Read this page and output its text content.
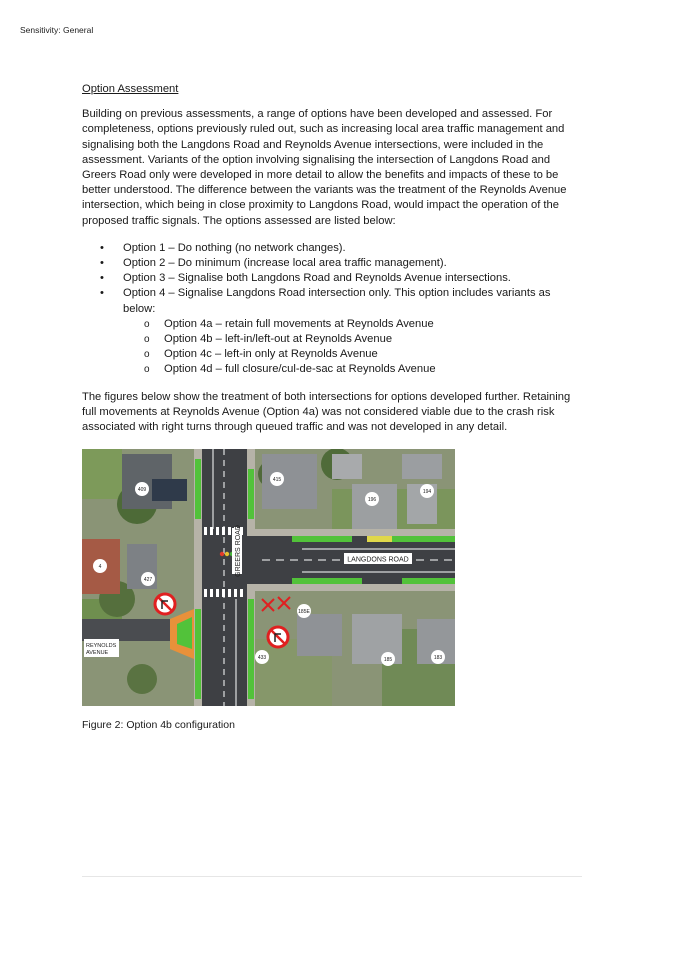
Sensitivity: General
Option Assessment

Building on previous assessments, a range of options have been developed and assessed. For completeness, options previously ruled out, such as increasing local area traffic management and signalising both the Langdons Road and Reynolds Avenue intersections, were included in the assessment. Variants of the option involving signalising the intersection of Langdons Road and Greers Road only were developed in more detail to allow the benefits and impacts of these to be better understood. The difference between the variants was the treatment of the Reynolds Avenue intersection, which being in close proximity to Langdons Road, would impact the operation of the proposed traffic signals. The options assessed are listed below:

• Option 1 – Do nothing (no network changes).
• Option 2 – Do minimum (increase local area traffic management).
• Option 3 – Signalise both Langdons Road and Reynolds Avenue intersections.
• Option 4 – Signalise Langdons Road intersection only. This option includes variants as below:
o Option 4a – retain full movements at Reynolds Avenue
o Option 4b – left-in/left-out at Reynolds Avenue
o Option 4c – left-in only at Reynolds Avenue
o Option 4d – full closure/cul-de-sac at Reynolds Avenue

The figures below show the treatment of both intersections for options developed further. Retaining full movements at Reynolds Avenue (Option 4a) was not considered viable due to the crash risk associated with right turns through queued traffic and was not developed in any detail.

LANGDONS ROAD
GREERS ROAD
REYNOLDS
AVENUE
196
194
185E
185	183
4
427
433
409
415
Figure 2: Option 4b configuration
